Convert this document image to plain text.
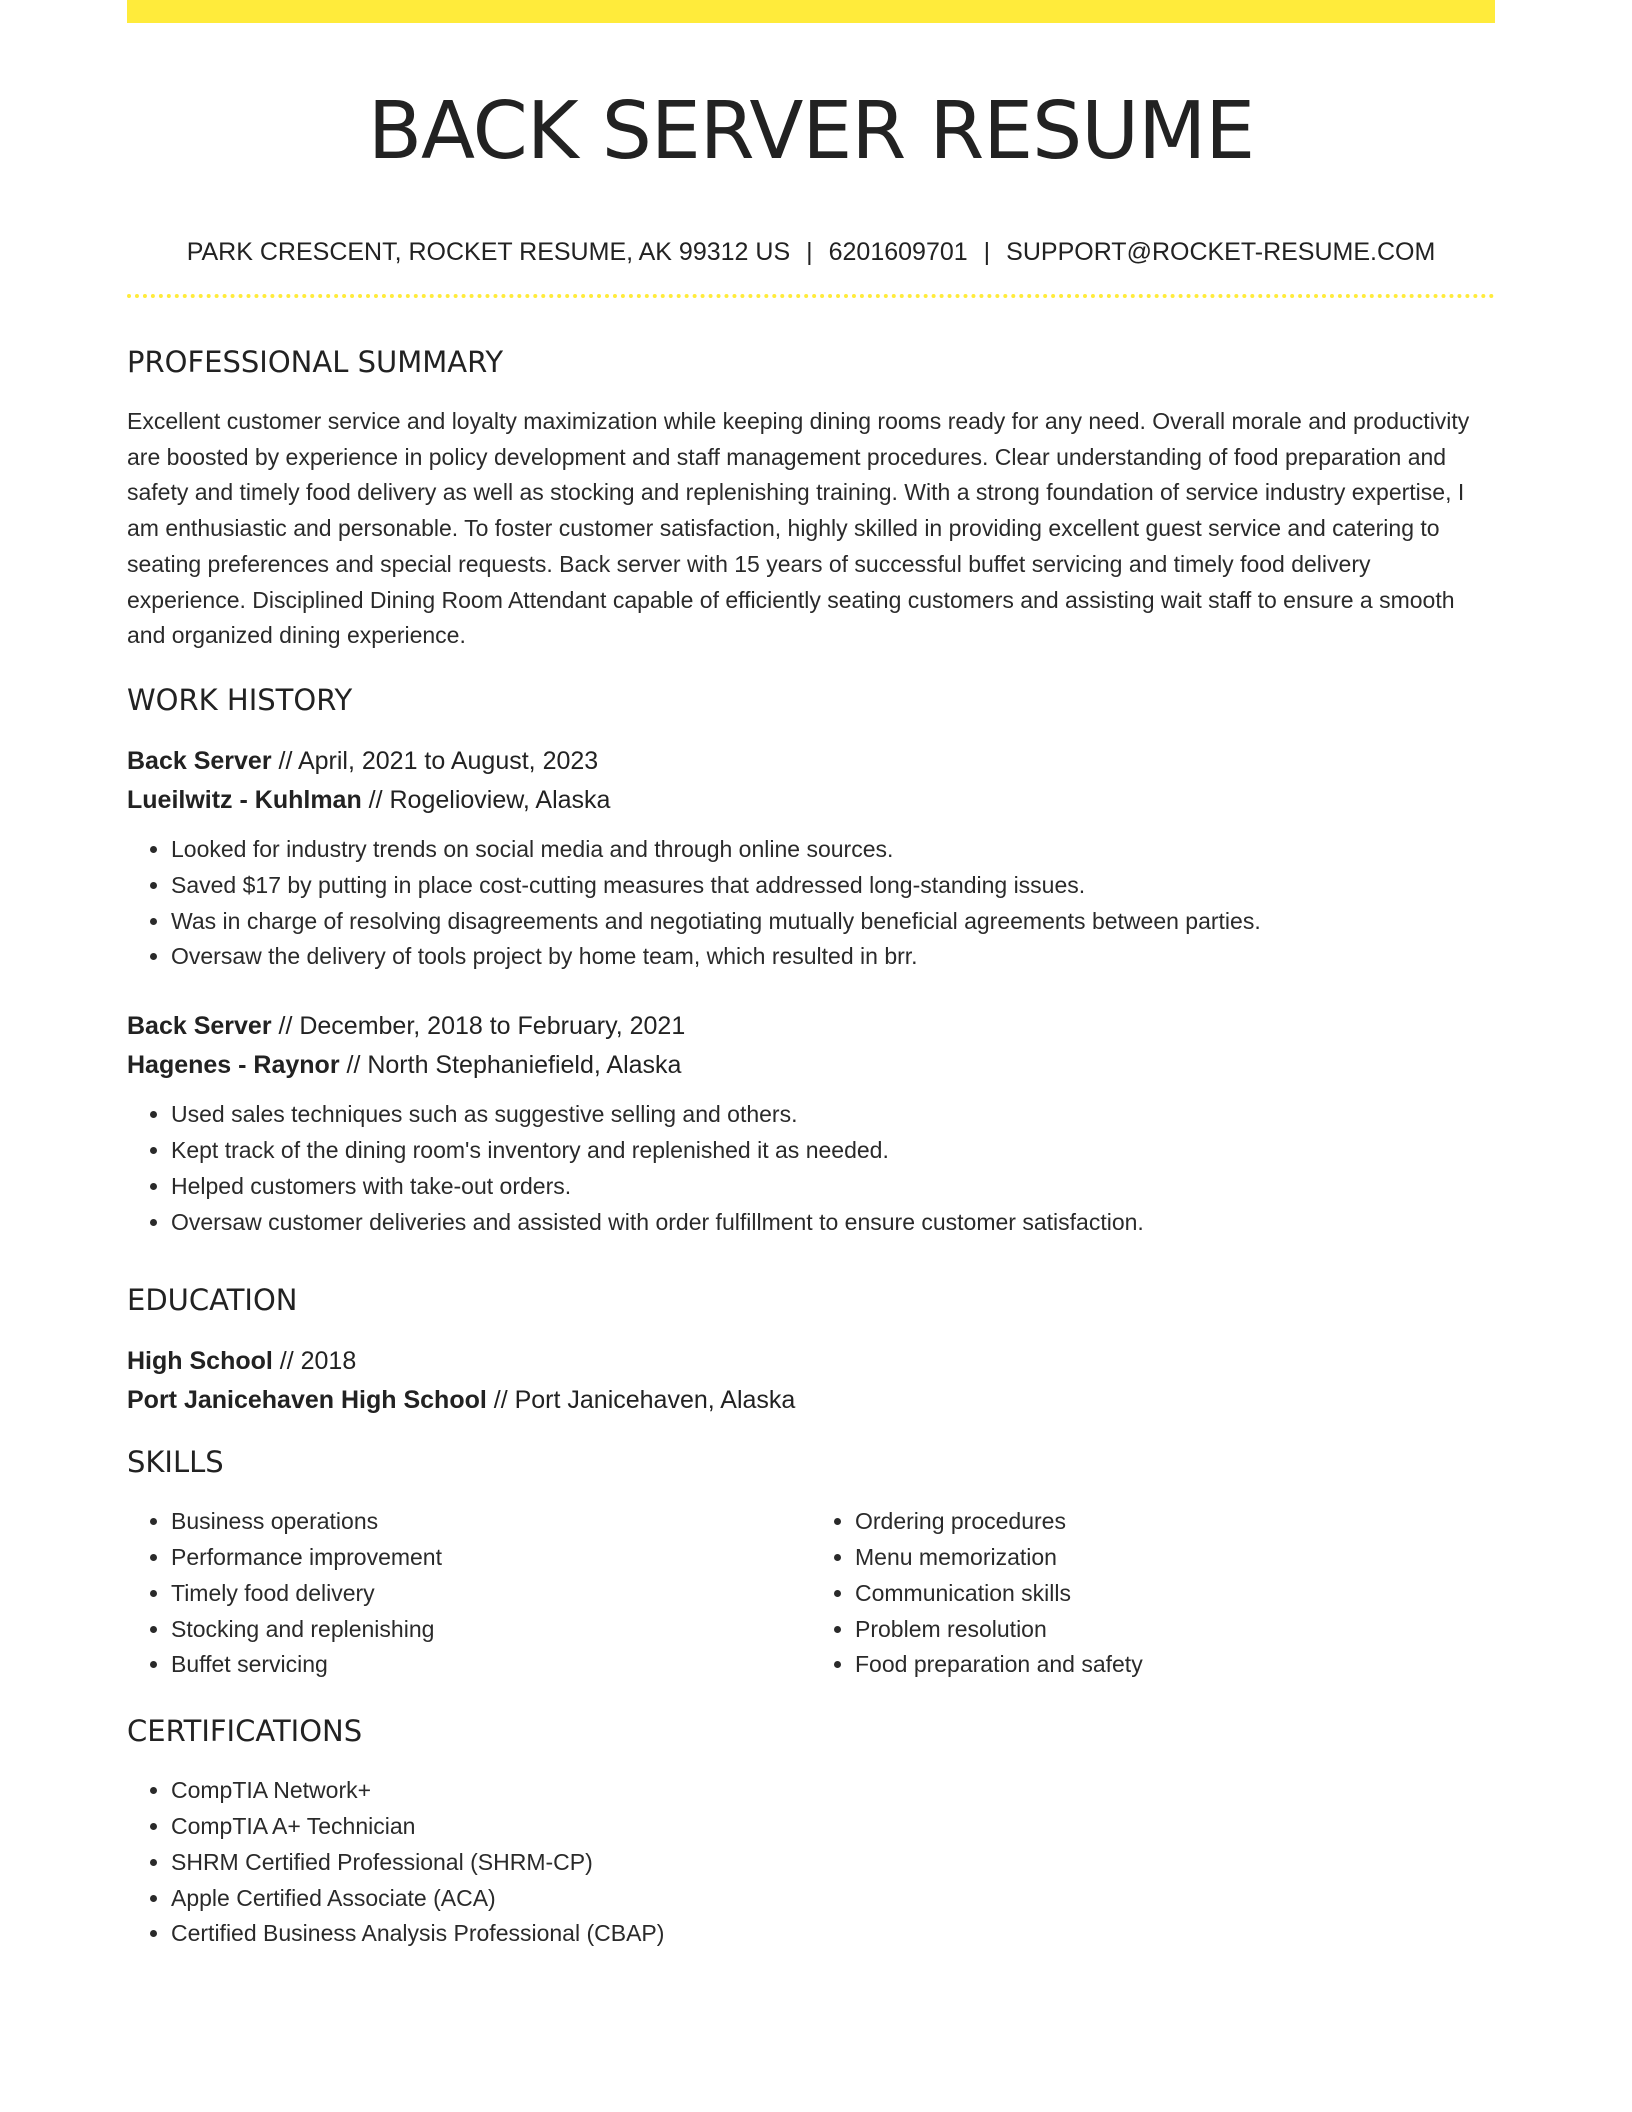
BACK SERVER RESUME
PARK CRESCENT, ROCKET RESUME, AK 99312 US | 6201609701 | SUPPORT@ROCKET-RESUME.COM
PROFESSIONAL SUMMARY

Excellent customer service and loyalty maximization while keeping dining rooms ready for any need. Overall morale and productivity are boosted by experience in policy development and staff management procedures. Clear understanding of food preparation and safety and timely food delivery as well as stocking and replenishing training. With a strong foundation of service industry expertise, I am enthusiastic and personable. To foster customer satisfaction, highly skilled in providing excellent guest service and catering to seating preferences and special requests. Back server with 15 years of successful buffet servicing and timely food delivery experience. Disciplined Dining Room Attendant capable of efficiently seating customers and assisting wait staff to ensure a smooth and organized dining experience.

WORK HISTORY
Back Server // April, 2021 to August, 2023
Lueilwitz - Kuhlman // Rogelioview, Alaska
• Looked for industry trends on social media and through online sources.
• Saved $17 by putting in place cost-cutting measures that addressed long-standing issues.
• Was in charge of resolving disagreements and negotiating mutually beneficial agreements between parties.
• Oversaw the delivery of tools project by home team, which resulted in brr.
Back Server // December, 2018 to February, 2021
Hagenes - Raynor // North Stephaniefield, Alaska
• Used sales techniques such as suggestive selling and others.
• Kept track of the dining room's inventory and replenished it as needed.
• Helped customers with take-out orders.
• Oversaw customer deliveries and assisted with order fulfillment to ensure customer satisfaction.
EDUCATION
High School // 2018
Port Janicehaven High School // Port Janicehaven, Alaska
SKILLS
• Business operations
• Performance improvement
• Timely food delivery
• Stocking and replenishing
• Buffet servicing
• Ordering procedures
• Menu memorization
• Communication skills
• Problem resolution
• Food preparation and safety
CERTIFICATIONS
• CompTIA Network+
• CompTIA A+ Technician
• SHRM Certified Professional (SHRM-CP)
• Apple Certified Associate (ACA)
• Certified Business Analysis Professional (CBAP)
